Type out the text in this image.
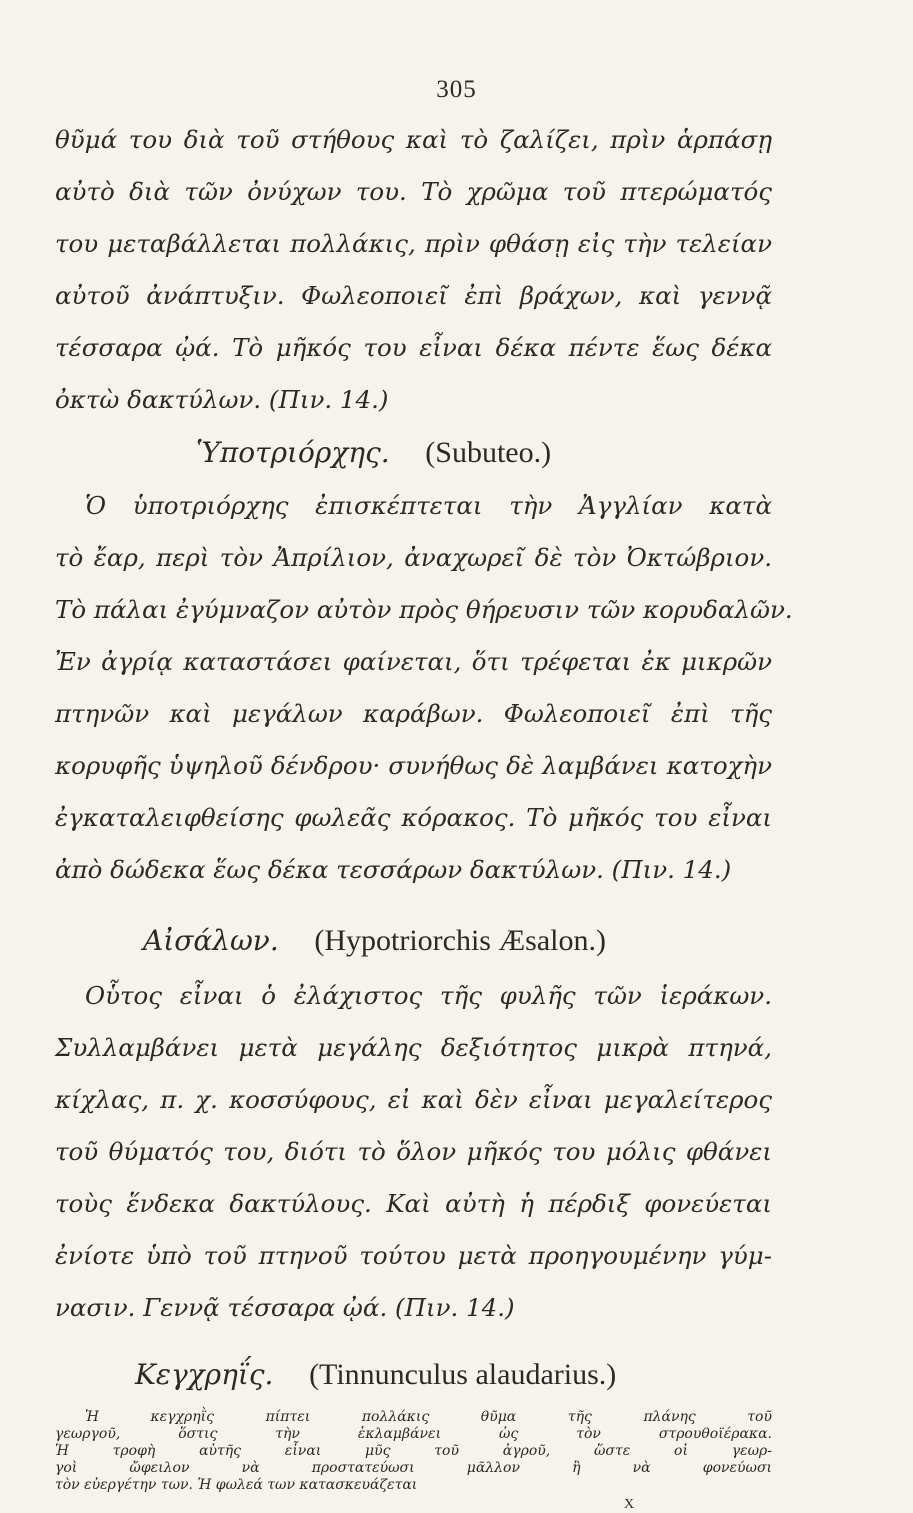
305
θῦμά του διὰ τοῦ στήθους καὶ τὸ ζαλίζει, πρὶν ἁρπάσῃ
αὐτὸ διὰ τῶν ὀνύχων του. Τὸ χρῶμα τοῦ πτερώματός
του μεταβάλλεται πολλάκις, πρὶν φθάσῃ εἰς τὴν τελείαν
αὐτοῦ ἀνάπτυξιν. Φωλεοποιεῖ ἐπὶ βράχων, καὶ γεννᾷ
τέσσαρα ᾠά. Τὸ μῆκός του εἶναι δέκα πέντε ἕως δέκα
ὀκτὼ δακτύλων. (Πιν. 14.)
Ὑποτριόρχης. (Subuteo.)
Ὁ ὑποτριόρχης ἐπισκέπτεται τὴν Ἀγγλίαν κατὰ
τὸ ἔαρ, περὶ τὸν Ἀπρίλιον, ἀναχωρεῖ δὲ τὸν Ὀκτώβριον.
Τὸ πάλαι ἐγύμναζον αὐτὸν πρὸς θήρευσιν τῶν κορυδαλῶν.
Ἐν ἀγρίᾳ καταστάσει φαίνεται, ὅτι τρέφεται ἐκ μικρῶν
πτηνῶν καὶ μεγάλων καράβων. Φωλεοποιεῖ ἐπὶ τῆς
κορυφῆς ὑψηλοῦ δένδρου· συνήθως δὲ λαμβάνει κατοχὴν
ἐγκαταλειφθείσης φωλεᾶς κόρακος. Τὸ μῆκός του εἶναι
ἀπὸ δώδεκα ἕως δέκα τεσσάρων δακτύλων. (Πιν. 14.)
Αἰσάλων. (Hypotriorchis Æsalon.)
Οὗτος εἶναι ὁ ἐλάχιστος τῆς φυλῆς τῶν ἱεράκων.
Συλλαμβάνει μετὰ μεγάλης δεξιότητος μικρὰ πτηνά,
κίχλας, π. χ. κοσσύφους, εἰ καὶ δὲν εἶναι μεγαλείτερος
τοῦ θύματός του, διότι τὸ ὅλον μῆκός του μόλις φθάνει
τοὺς ἕνδεκα δακτύλους. Καὶ αὐτὴ ἡ πέρδιξ φονεύεται
ἐνίοτε ὑπὸ τοῦ πτηνοῦ τούτου μετὰ προηγουμένην γύμ-
νασιν. Γεννᾷ τέσσαρα ᾠά. (Πιν. 14.)
Κεγχρηΐς. (Tinnunculus alaudarius.)
X
Ἡ κεγχρηῒς πίπτει πολλάκις θῦμα τῆς πλάνης τοῦ
γεωργοῦ, ὅστις τὴν ἐκλαμβάνει ὡς τὸν στρουθοϊέρακα.
Ἡ τροφὴ αὐτῆς εἶναι μῦς τοῦ ἀγροῦ, ὥστε οἱ γεωρ-
γοὶ ὤφειλον νὰ προστατεύωσι μᾶλλον ἢ νὰ φονεύωσι
τὸν εὐεργέτην των. Ἡ φωλεά των κατασκευάζεται
